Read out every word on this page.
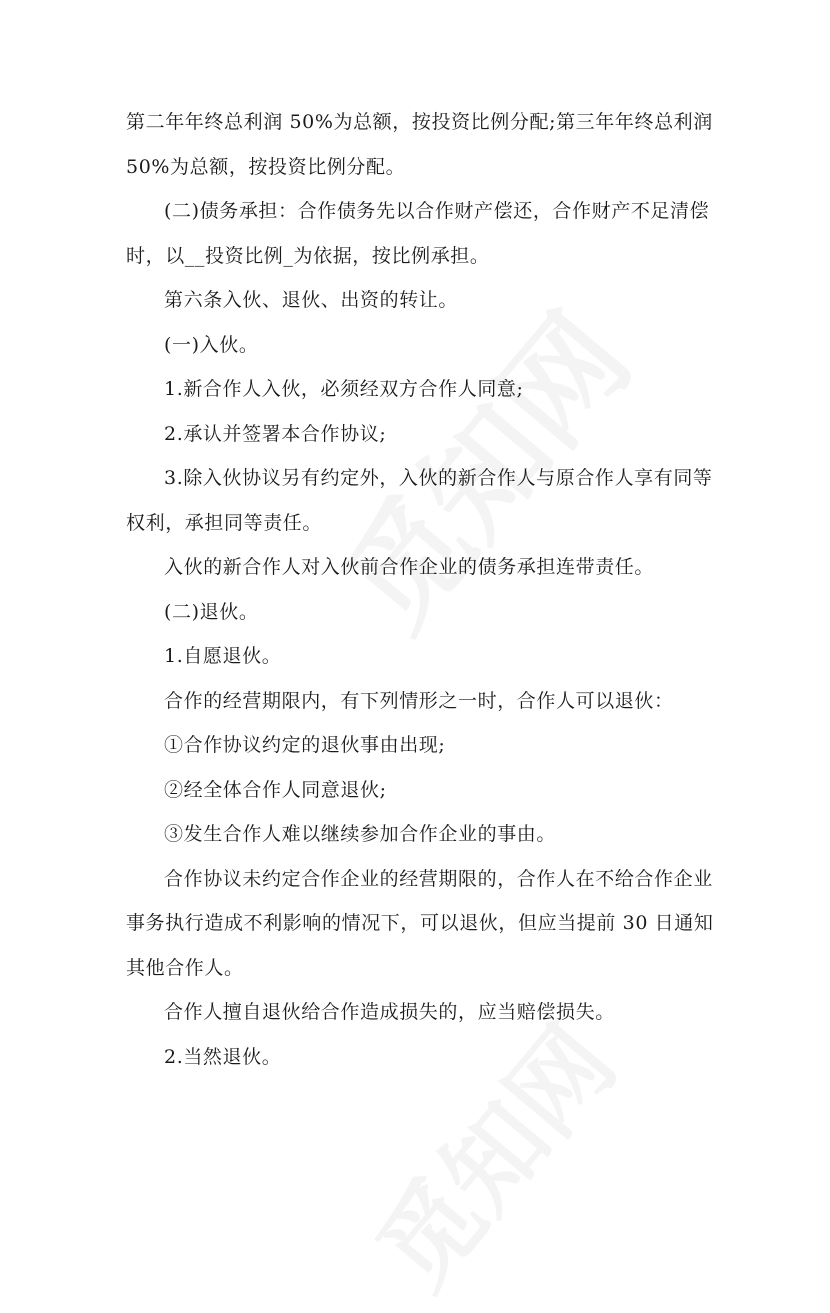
第二年年终总利润 50%为总额，按投资比例分配;第三年年终总利润

50%为总额，按投资比例分配。

(二)债务承担：合作债务先以合作财产偿还，合作财产不足清偿

时，以__投资比例_为依据，按比例承担。

第六条入伙、退伙、出资的转让。

(一)入伙。

1.新合作人入伙，必须经双方合作人同意;

2.承认并签署本合作协议;

3.除入伙协议另有约定外，入伙的新合作人与原合作人享有同等

权利，承担同等责任。

入伙的新合作人对入伙前合作企业的债务承担连带责任。

(二)退伙。

1.自愿退伙。

合作的经营期限内，有下列情形之一时，合作人可以退伙：

①合作协议约定的退伙事由出现;

②经全体合作人同意退伙;

③发生合作人难以继续参加合作企业的事由。

合作协议未约定合作企业的经营期限的，合作人在不给合作企业

事务执行造成不利影响的情况下，可以退伙，但应当提前 30 日通知

其他合作人。

合作人擅自退伙给合作造成损失的，应当赔偿损失。

2.当然退伙。
